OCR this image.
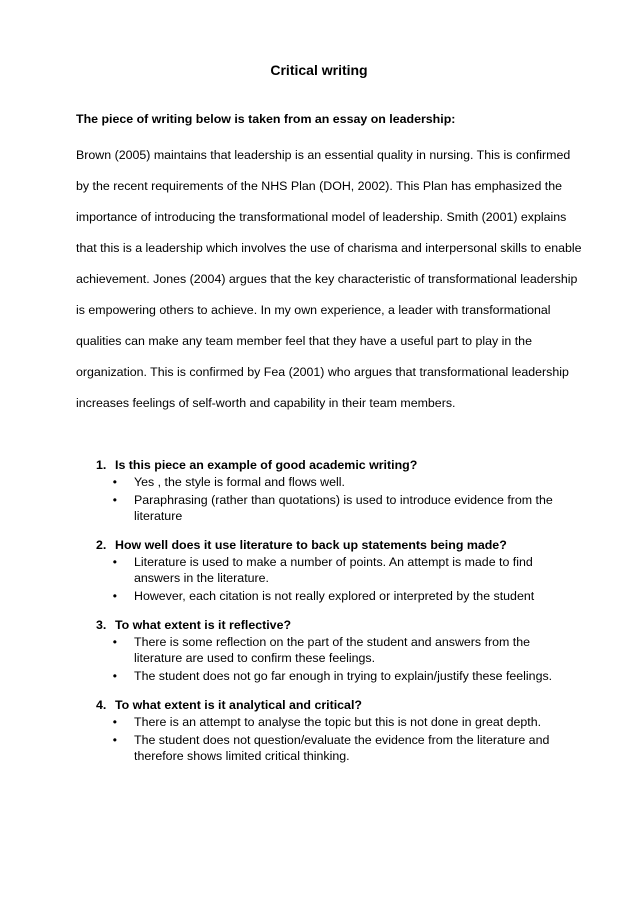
Critical writing
The piece of writing below is taken from an essay on leadership:
Brown (2005) maintains that leadership is an essential quality in nursing. This is confirmed
by the recent requirements of the NHS Plan (DOH, 2002). This Plan has emphasized the
importance of introducing the transformational model of leadership. Smith (2001) explains
that this is a leadership which involves the use of charisma and interpersonal skills to enable
achievement. Jones (2004) argues that the key characteristic of transformational leadership
is empowering others to achieve. In my own experience, a leader with transformational
qualities can make any team member feel that they have a useful part to play in the
organization. This is confirmed by Fea (2001) who argues that transformational leadership
increases feelings of self-worth and capability in their team members.
1. Is this piece an example of good academic writing?
•	Yes , the style is formal and flows well.
•	Paraphrasing (rather than quotations) is used to introduce evidence from the literature
2. How well does it use literature to back up statements being made?
•	Literature is used to make a number of points. An attempt is made to find answers in the literature.
•	However, each citation is not really explored or interpreted by the student
3. To what extent is it reflective?
•	There is some reflection on the part of the student and answers from the literature are used to confirm these feelings.
•	The student does not go far enough in trying to explain/justify these feelings.
4. To what extent is it analytical and critical?
•	There is an attempt to analyse the topic but this is not done in great depth.
•	The student does not question/evaluate the evidence from the literature and therefore shows limited critical thinking.
